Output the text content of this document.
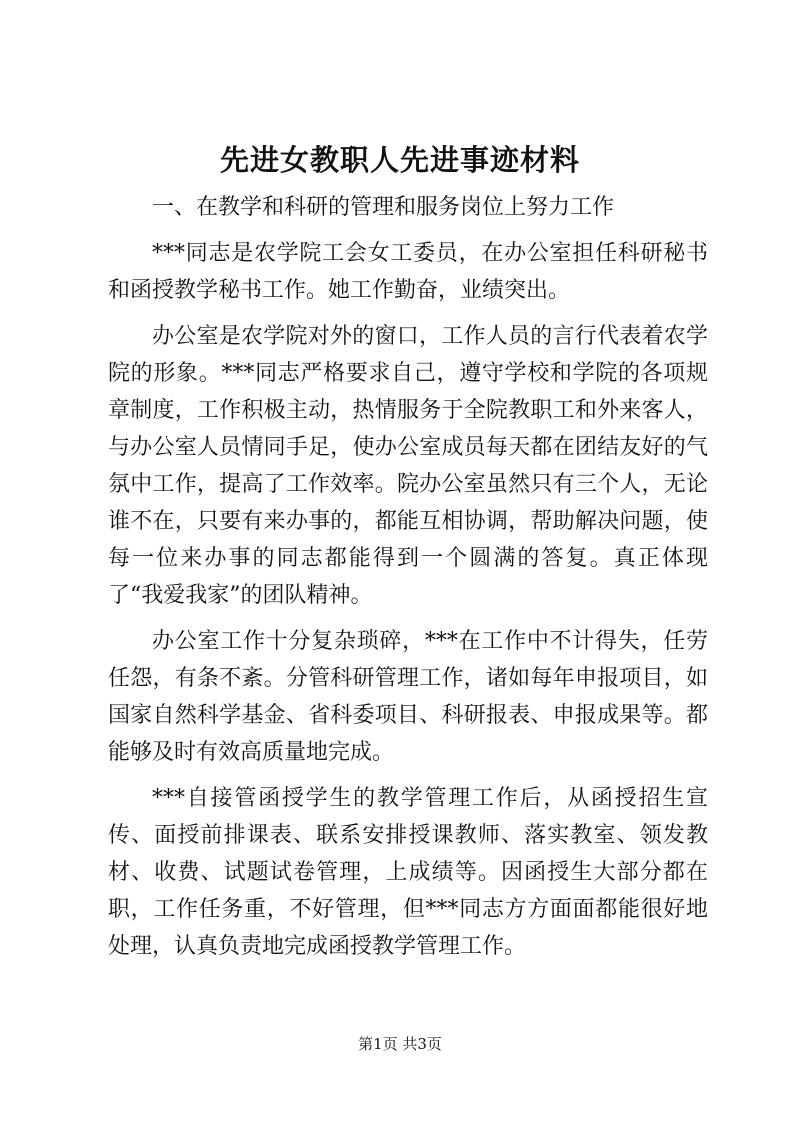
先进女教职人先进事迹材料

一、在教学和科研的管理和服务岗位上努力工作

***同志是农学院工会女工委员，在办公室担任科研秘书和函授教学秘书工作。她工作勤奋，业绩突出。

办公室是农学院对外的窗口，工作人员的言行代表着农学院的形象。***同志严格要求自己，遵守学校和学院的各项规章制度，工作积极主动，热情服务于全院教职工和外来客人，与办公室人员情同手足，使办公室成员每天都在团结友好的气氛中工作，提高了工作效率。院办公室虽然只有三个人，无论谁不在，只要有来办事的，都能互相协调，帮助解决问题，使每一位来办事的同志都能得到一个圆满的答复。真正体现了“我爱我家”的团队精神。

办公室工作十分复杂琐碎，***在工作中不计得失，任劳任怨，有条不紊。分管科研管理工作，诸如每年申报项目，如国家自然科学基金、省科委项目、科研报表、申报成果等。都能够及时有效高质量地完成。

***自接管函授学生的教学管理工作后，从函授招生宣传、面授前排课表、联系安排授课教师、落实教室、领发教材、收费、试题试卷管理，上成绩等。因函授生大部分都在职，工作任务重，不好管理，但***同志方方面面都能很好地处理，认真负责地完成函授教学管理工作。

第1页 共3页
